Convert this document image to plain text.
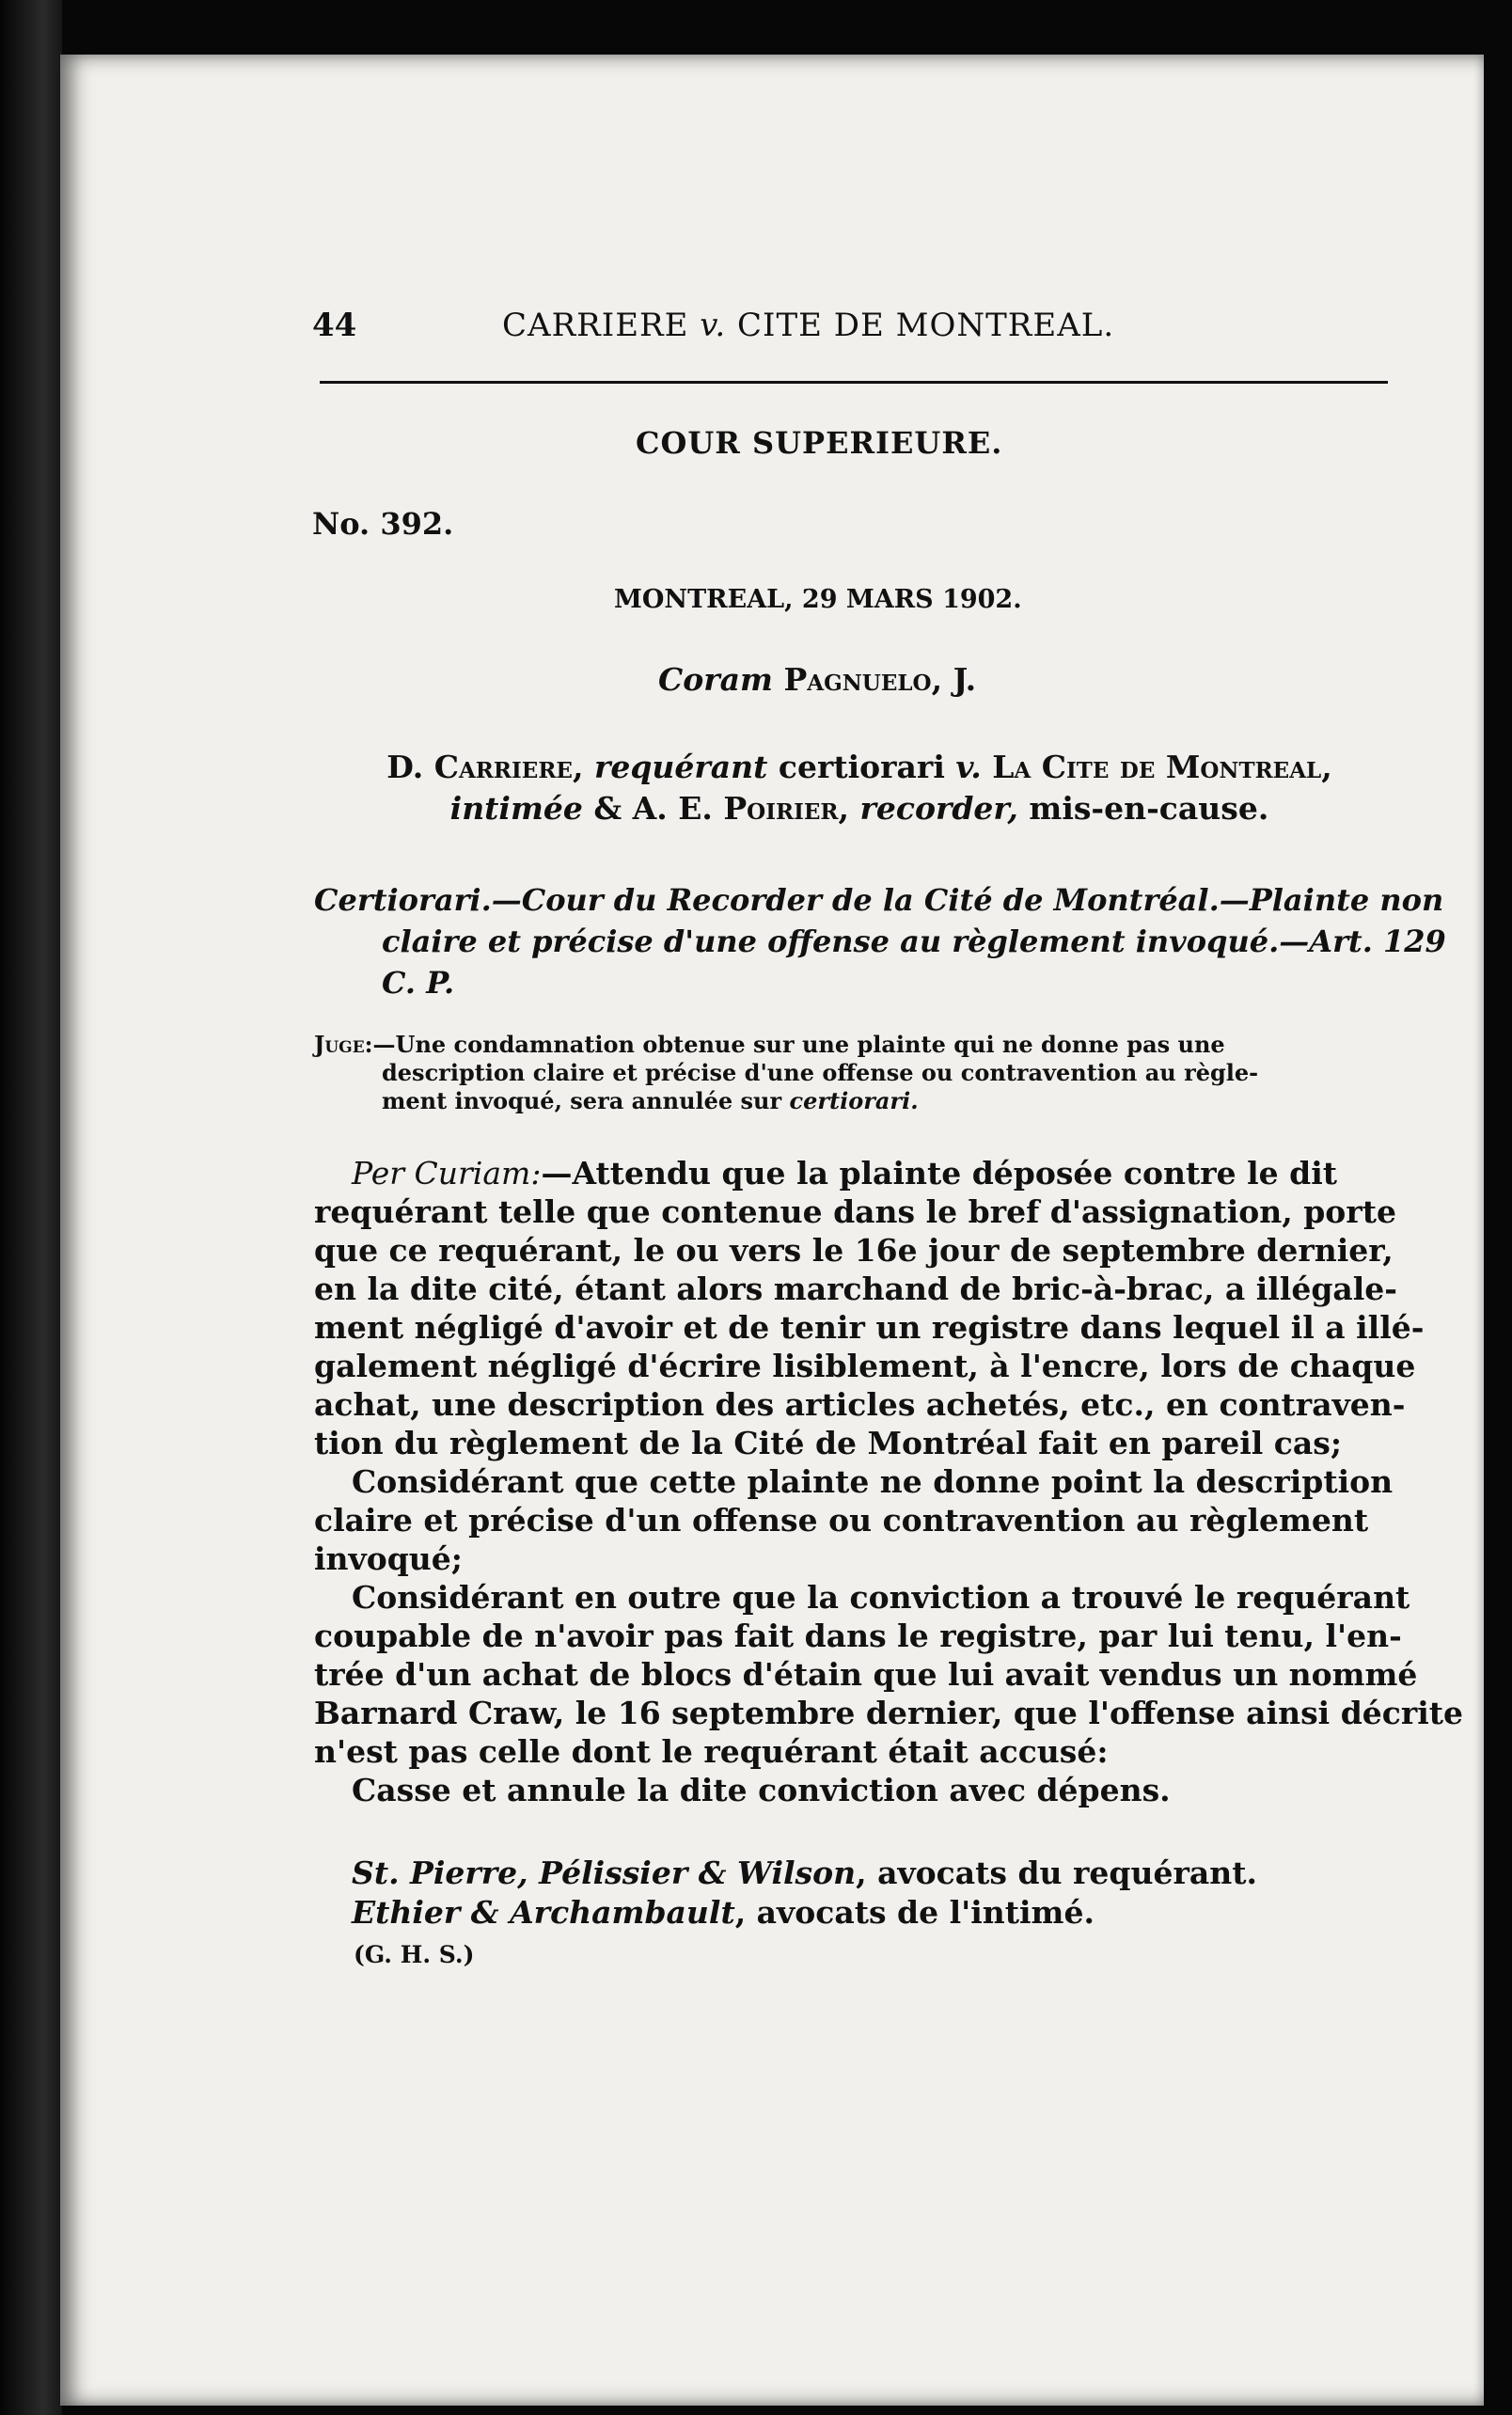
44	CARRIERE v. CITE DE MONTREAL.
COUR SUPERIEURE.
No. 392.
MONTREAL, 29 MARS 1902.
Coram Pagnuelo, J.
D. Carriere, requérant certiorari v. La Cite de Montreal,
intimée & A. E. Poirier, recorder, mis-en-cause.
Certiorari.—Cour du Recorder de la Cité de Montréal.—Plainte non
claire et précise d'une offense au règlement invoqué.—Art. 129
C. P.
Juge:—Une condamnation obtenue sur une plainte qui ne donne pas une
description claire et précise d'une offense ou contravention au règle-
ment invoqué, sera annulée sur certiorari.
Per Curiam:—Attendu que la plainte déposée contre le dit
requérant telle que contenue dans le bref d'assignation, porte
que ce requérant, le ou vers le 16e jour de septembre dernier,
en la dite cité, étant alors marchand de bric-à-brac, a illégale-
ment négligé d'avoir et de tenir un registre dans lequel il a illé-
galement négligé d'écrire lisiblement, à l'encre, lors de chaque
achat, une description des articles achetés, etc., en contraven-
tion du règlement de la Cité de Montréal fait en pareil cas;
Considérant que cette plainte ne donne point la description
claire et précise d'un offense ou contravention au règlement
invoqué;
Considérant en outre que la conviction a trouvé le requérant
coupable de n'avoir pas fait dans le registre, par lui tenu, l'en-
trée d'un achat de blocs d'étain que lui avait vendus un nommé
Barnard Craw, le 16 septembre dernier, que l'offense ainsi décrite
n'est pas celle dont le requérant était accusé:
Casse et annule la dite conviction avec dépens.
St. Pierre, Pélissier & Wilson, avocats du requérant.
Ethier & Archambault, avocats de l'intimé.
(G. H. S.)
